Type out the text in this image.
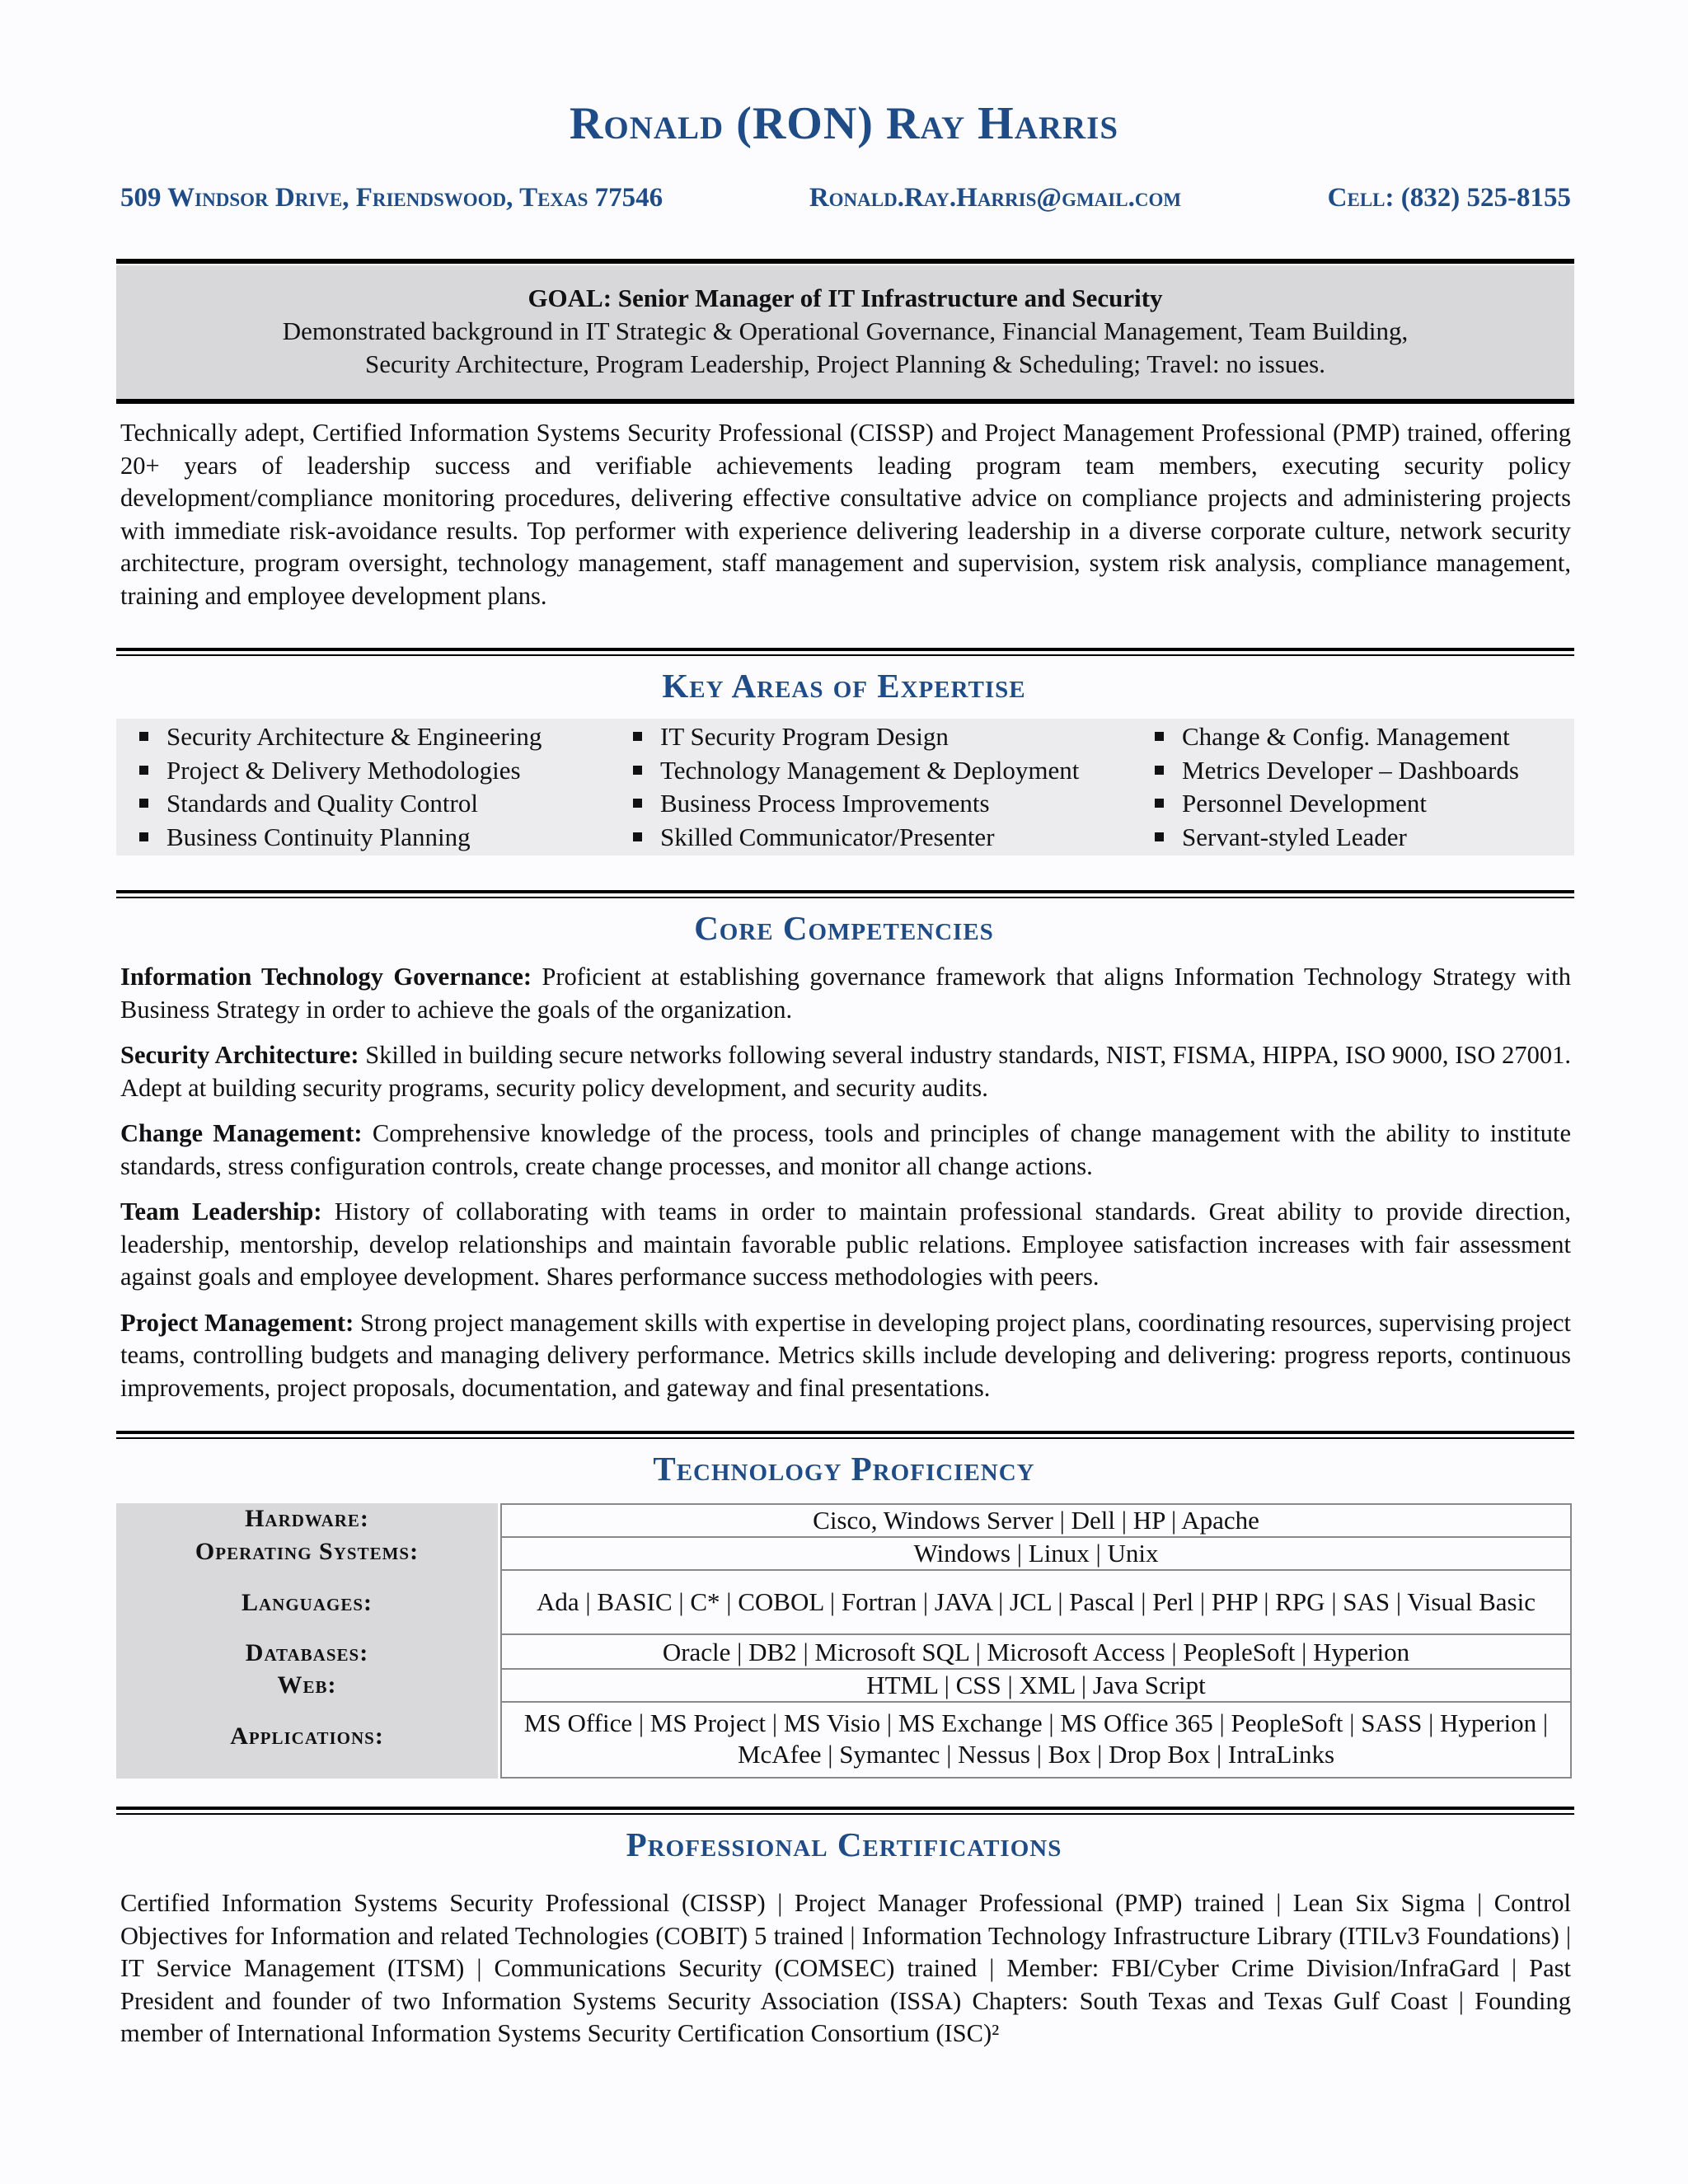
Ronald (RON) Ray Harris
509 Windsor Drive, Friendswood, Texas 77546	Ronald.Ray.Harris@gmail.com	Cell: (832) 525-8155
GOAL: Senior Manager of IT Infrastructure and Security
Demonstrated background in IT Strategic & Operational Governance, Financial Management, Team Building,
Security Architecture, Program Leadership, Project Planning & Scheduling; Travel: no issues.
Technically adept, Certified Information Systems Security Professional (CISSP) and Project Management Professional (PMP) trained, offering 20+ years of leadership success and verifiable achievements leading program team members, executing security policy development/compliance monitoring procedures, delivering effective consultative advice on compliance projects and administering projects with immediate risk-avoidance results. Top performer with experience delivering leadership in a diverse corporate culture, network security architecture, program oversight, technology management, staff management and supervision, system risk analysis, compliance management, training and employee development plans.
Key Areas of Expertise
Security Architecture & Engineering
Project & Delivery Methodologies
Standards and Quality Control
Business Continuity Planning
IT Security Program Design
Technology Management & Deployment
Business Process Improvements
Skilled Communicator/Presenter
Change & Config. Management
Metrics Developer – Dashboards
Personnel Development
Servant-styled Leader
Core Competencies
Information Technology Governance: Proficient at establishing governance framework that aligns Information Technology Strategy with Business Strategy in order to achieve the goals of the organization.
Security Architecture: Skilled in building secure networks following several industry standards, NIST, FISMA, HIPPA, ISO 9000, ISO 27001. Adept at building security programs, security policy development, and security audits.
Change Management: Comprehensive knowledge of the process, tools and principles of change management with the ability to institute standards, stress configuration controls, create change processes, and monitor all change actions.
Team Leadership: History of collaborating with teams in order to maintain professional standards. Great ability to provide direction, leadership, mentorship, develop relationships and maintain favorable public relations. Employee satisfaction increases with fair assessment against goals and employee development. Shares performance success methodologies with peers.
Project Management: Strong project management skills with expertise in developing project plans, coordinating resources, supervising project teams, controlling budgets and managing delivery performance. Metrics skills include developing and delivering: progress reports, continuous improvements, project proposals, documentation, and gateway and final presentations.
Technology Proficiency
Hardware:
Operating Systems:
Languages:
Databases:
Web:
Applications:
Cisco, Windows Server | Dell | HP | Apache
Windows | Linux | Unix
Ada | BASIC | C* | COBOL | Fortran | JAVA | JCL | Pascal | Perl | PHP | RPG | SAS | Visual Basic
Oracle | DB2 | Microsoft SQL | Microsoft Access | PeopleSoft | Hyperion
HTML | CSS | XML | Java Script
MS Office | MS Project | MS Visio | MS Exchange | MS Office 365 | PeopleSoft | SASS | Hyperion | McAfee | Symantec | Nessus | Box | Drop Box | IntraLinks
Professional Certifications
Certified Information Systems Security Professional (CISSP) | Project Manager Professional (PMP) trained | Lean Six Sigma | Control Objectives for Information and related Technologies (COBIT) 5 trained | Information Technology Infrastructure Library (ITILv3 Foundations) | IT Service Management (ITSM) | Communications Security (COMSEC) trained | Member: FBI/Cyber Crime Division/InfraGard | Past President and founder of two Information Systems Security Association (ISSA) Chapters: South Texas and Texas Gulf Coast | Founding member of International Information Systems Security Certification Consortium (ISC)²
